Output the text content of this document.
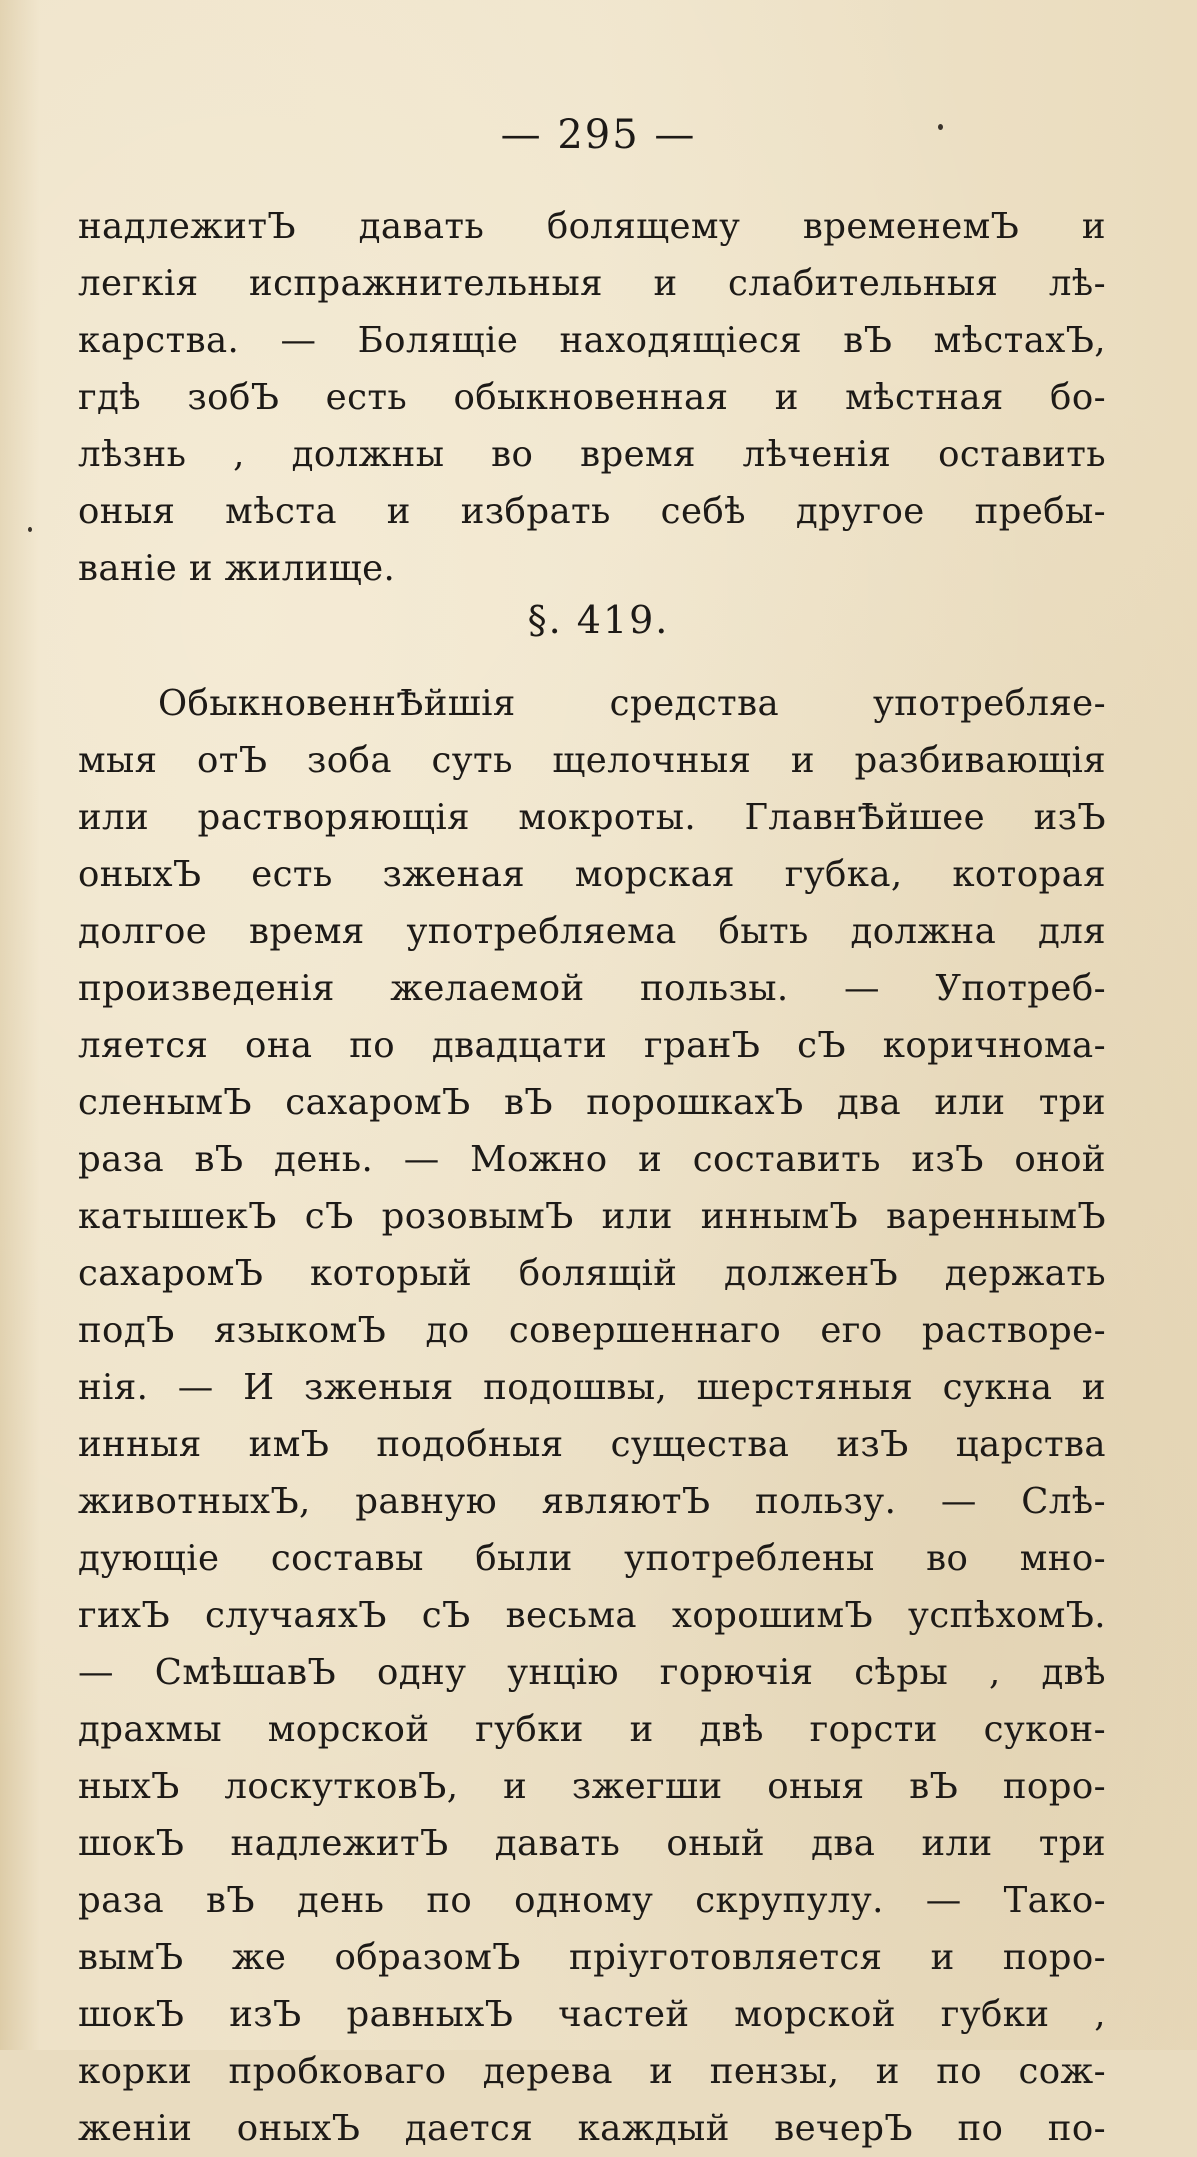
— 295 —
надлежитЪ давать болящему временемЪ и
легкія испражнительныя и слабительныя лѣ-
карства. — Болящіе находящіеся вЪ мѣстахЪ,
гдѣ зобЪ есть обыкновенная и мѣстная бо-
лѣзнь , должны во время лѣченія оставить
оныя мѣста и избрать себѣ другое пребы-
ваніе и жилище.
§. 419.
ОбыкновеннѢйшія средства употребляе-
мыя отЪ зоба суть щелочныя и разбивающія
или растворяющія мокроты. ГлавнѢйшее изЪ
оныхЪ есть зженая морская губка, которая
долгое время употребляема быть должна для
произведенія желаемой пользы. — Употреб-
ляется она по двадцати гранЪ сЪ коричнома-
сленымЪ сахаромЪ вЪ порошкахЪ два или три
раза вЪ день. — Можно и составить изЪ оной
катышекЪ сЪ розовымЪ или иннымЪ вареннымЪ
сахаромЪ который болящій долженЪ держать
подЪ языкомЪ до совершеннаго его растворе-
нія. — И зженыя подошвы, шерстяныя сукна и
инныя имЪ подобныя существа изЪ царства
животныхЪ, равную являютЪ пользу. — Слѣ-
дующіе составы были употреблены во мно-
гихЪ случаяхЪ сЪ весьма хорошимЪ успѣхомЪ.
— СмѣшавЪ одну унцію горючія сѣры , двѣ
драхмы морской губки и двѣ горсти сукон-
ныхЪ лоскутковЪ, и зжегши оныя вЪ поро-
шокЪ надлежитЪ давать оный два или три
раза вЪ день по одному скрупулу. — Тако-
вымЪ же образомЪ пріуготовляется и поро-
шокЪ изЪ равныхЪ частей морской губки ,
корки пробковаго дерева и пензы, и по сож-
женіи оныхЪ дается каждый вечерЪ по по-
